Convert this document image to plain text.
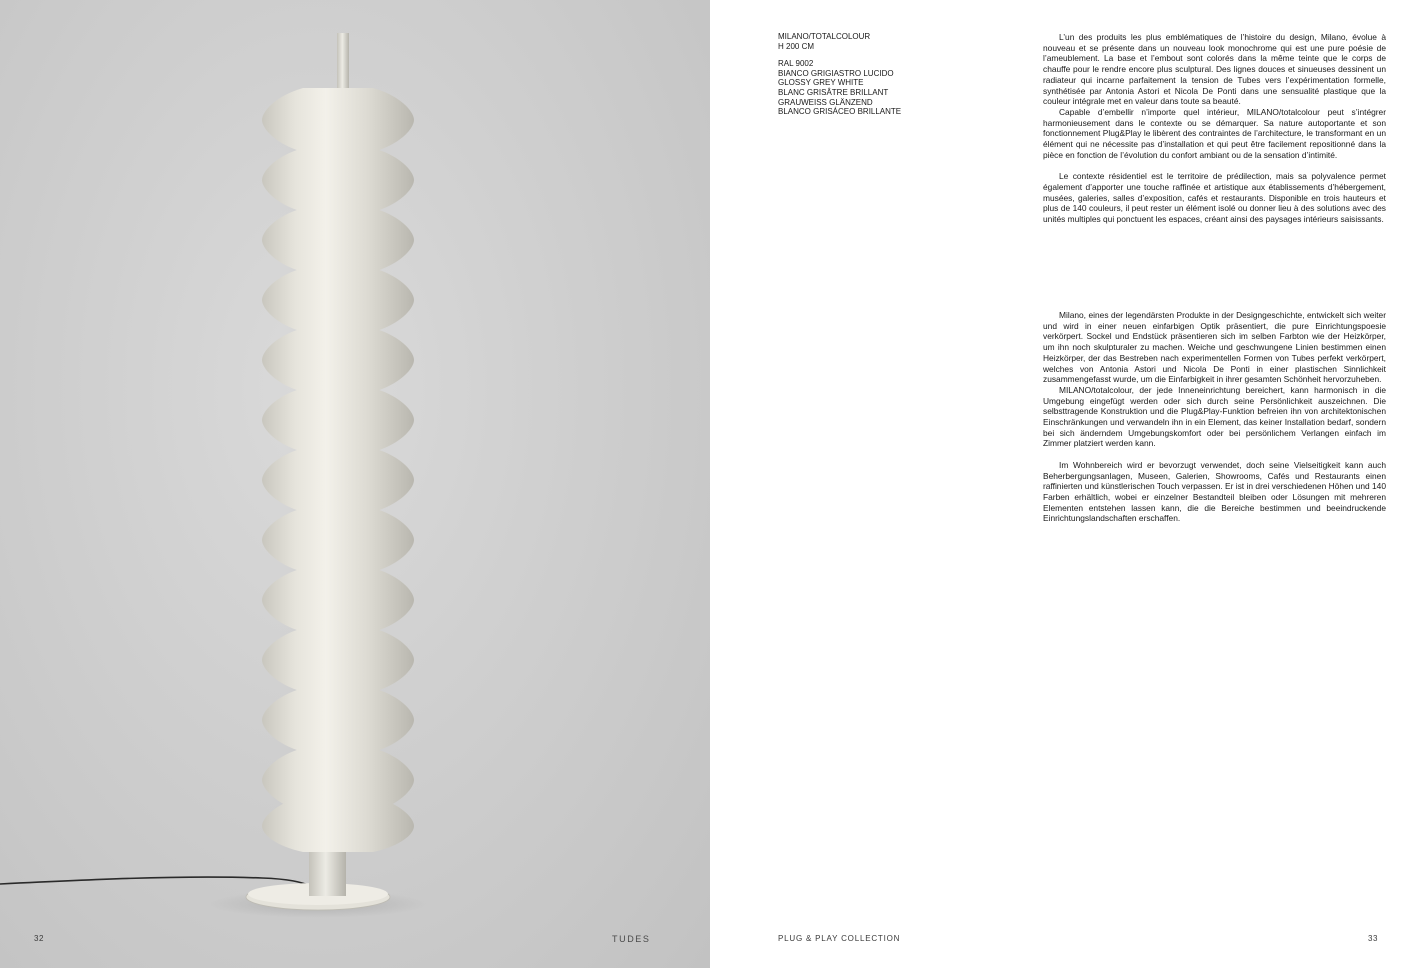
32	TUDES
MILANO/TOTALCOLOUR
H 200 CM
RAL 9002
BIANCO GRIGIASTRO LUCIDO
GLOSSY GREY WHITE
BLANC GRISÂTRE BRILLANT
GRAUWEISS GLÄNZEND
BLANCO GRISÁCEO BRILLANTE

L’un des produits les plus emblématiques de l’histoire du design, Milano, évolue à nouveau et se présente dans un nouveau look monochrome qui est une pure poésie de l’ameublement. La base et l’embout sont colorés dans la même teinte que le corps de chauffe pour le rendre encore plus sculptural. Des lignes douces et sinueuses dessinent un radiateur qui incarne parfaitement la tension de Tubes vers l’expérimentation formelle, synthétisée par Antonia Astori et Nicola De Ponti dans une sensualité plastique que la couleur intégrale met en valeur dans toute sa beauté.

Capable d’embellir n’importe quel intérieur, MILANO/totalcolour peut s’intégrer harmonieusement dans le contexte ou se démarquer. Sa nature autoportante et son fonctionnement Plug&Play le libèrent des contraintes de l’architecture, le transformant en un élément qui ne nécessite pas d’installation et qui peut être facilement repositionné dans la pièce en fonction de l’évolution du confort ambiant ou de la sensation d’intimité.

Le contexte résidentiel est le territoire de prédilection, mais sa polyvalence permet également d’apporter une touche raffinée et artistique aux établissements d’hébergement, musées, galeries, salles d’exposition, cafés et restaurants. Disponible en trois hauteurs et plus de 140 couleurs, il peut rester un élément isolé ou donner lieu à des solutions avec des unités multiples qui ponctuent les espaces, créant ainsi des paysages intérieurs saisissants.

Milano, eines der legendärsten Produkte in der Designgeschichte, entwickelt sich weiter und wird in einer neuen einfarbigen Optik präsentiert, die pure Einrichtungspoesie verkörpert. Sockel und Endstück präsentieren sich im selben Farbton wie der Heizkörper, um ihn noch skulpturaler zu machen. Weiche und geschwungene Linien bestimmen einen Heizkörper, der das Bestreben nach experimentellen Formen von Tubes perfekt verkörpert, welches von Antonia Astori und Nicola De Ponti in einer plastischen Sinnlichkeit zusammengefasst wurde, um die Einfarbigkeit in ihrer gesamten Schönheit hervorzuheben.

MILANO/totalcolour, der jede Inneneinrichtung bereichert, kann harmonisch in die Umgebung eingefügt werden oder sich durch seine Persönlichkeit auszeichnen. Die selbsttragende Konstruktion und die Plug&Play-Funktion befreien ihn von architektonischen Einschränkungen und verwandeln ihn in ein Element, das keiner Installation bedarf, sondern bei sich änderndem Umgebungskomfort oder bei persönlichem Verlangen einfach im Zimmer platziert werden kann.

Im Wohnbereich wird er bevorzugt verwendet, doch seine Vielseitigkeit kann auch Beherbergungsanlagen, Museen, Galerien, Showrooms, Cafés und Restaurants einen raffinierten und künstlerischen Touch verpassen. Er ist in drei verschiedenen Höhen und 140 Farben erhältlich, wobei er einzelner Bestandteil bleiben oder Lösungen mit mehreren Elementen entstehen lassen kann, die die Bereiche bestimmen und beeindruckende Einrichtungslandschaften erschaffen.

PLUG & PLAY COLLECTION	33
